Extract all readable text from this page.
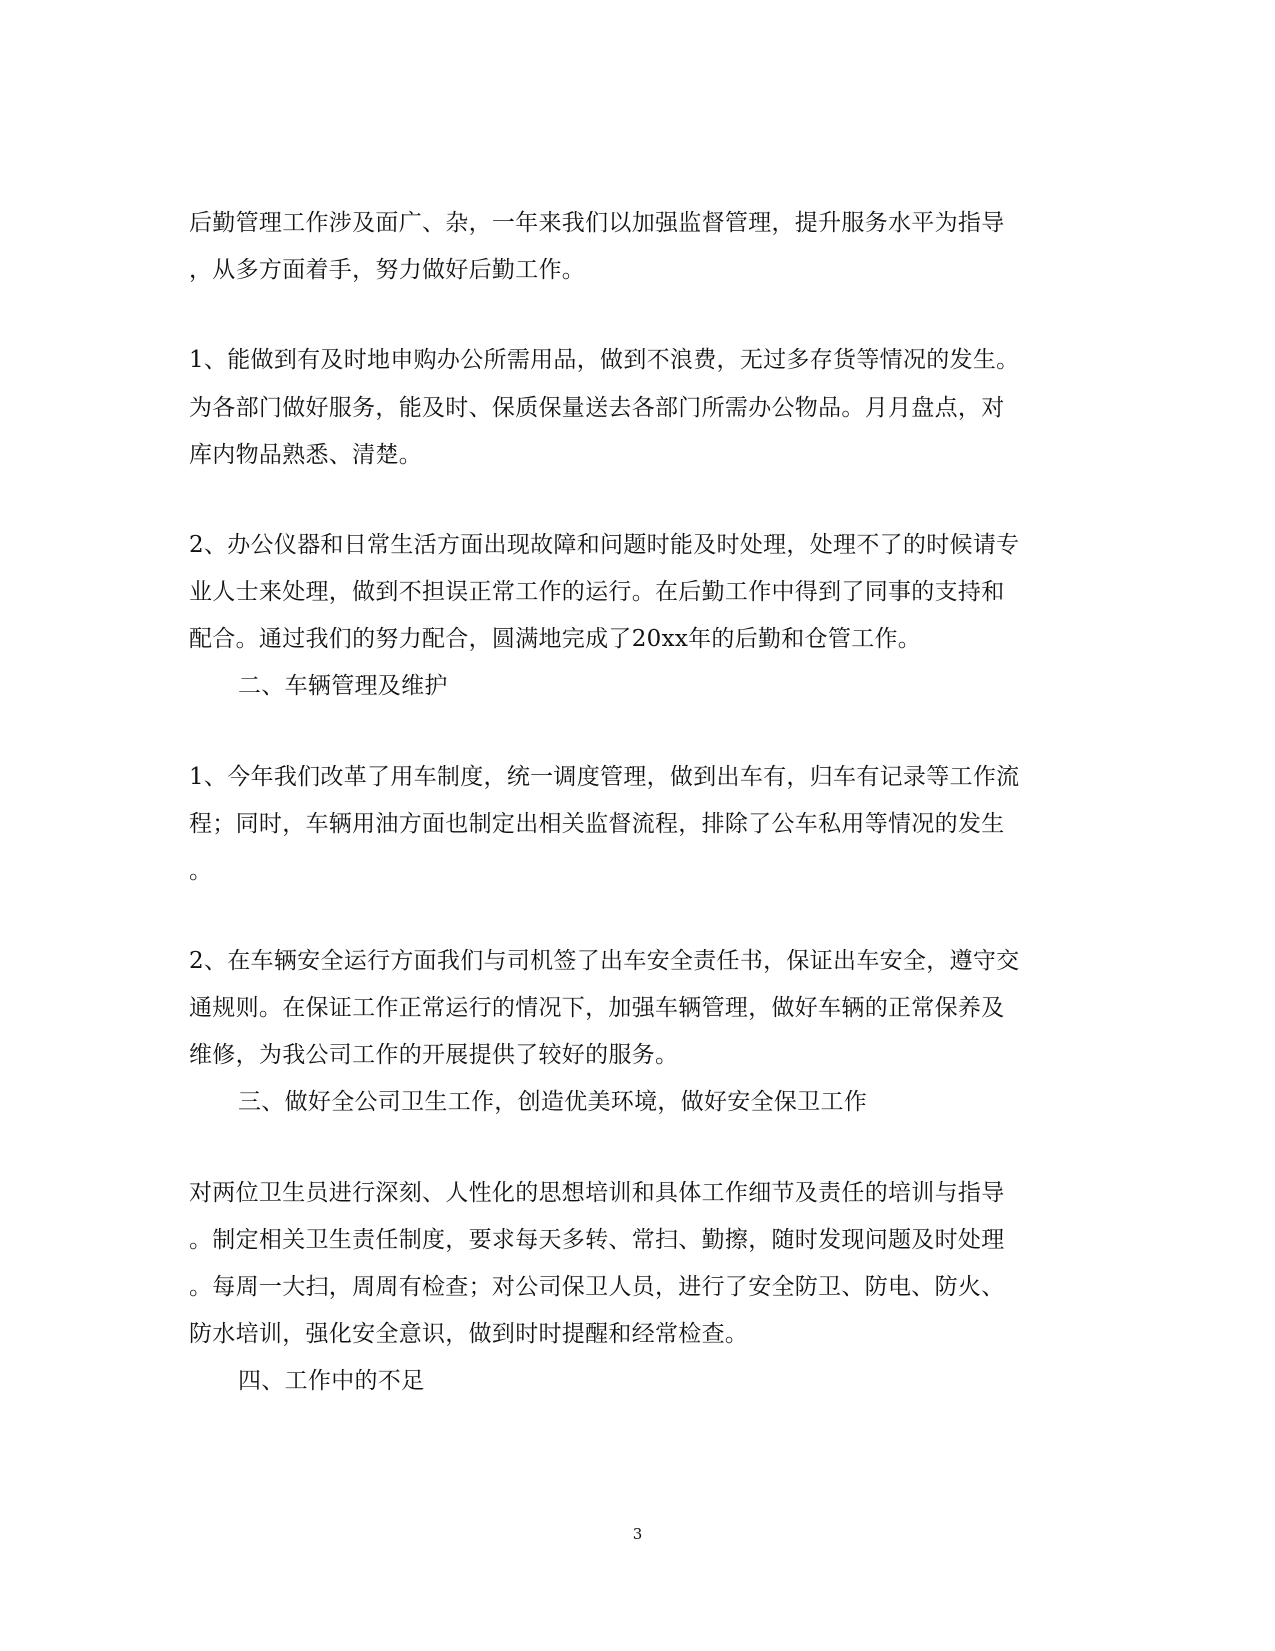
后勤管理工作涉及面广、杂，一年来我们以加强监督管理，提升服务水平为指导
，从多方面着手，努力做好后勤工作。
1、能做到有及时地申购办公所需用品，做到不浪费，无过多存货等情况的发生。
为各部门做好服务，能及时、保质保量送去各部门所需办公物品。月月盘点，对
库内物品熟悉、清楚。
2、办公仪器和日常生活方面出现故障和问题时能及时处理，处理不了的时候请专
业人士来处理，做到不担误正常工作的运行。在后勤工作中得到了同事的支持和
配合。通过我们的努力配合，圆满地完成了20xx年的后勤和仓管工作。
二、车辆管理及维护
1、今年我们改革了用车制度，统一调度管理，做到出车有，归车有记录等工作流
程；同时，车辆用油方面也制定出相关监督流程，排除了公车私用等情况的发生
。
2、在车辆安全运行方面我们与司机签了出车安全责任书，保证出车安全，遵守交
通规则。在保证工作正常运行的情况下，加强车辆管理，做好车辆的正常保养及
维修，为我公司工作的开展提供了较好的服务。
三、做好全公司卫生工作，创造优美环境，做好安全保卫工作
对两位卫生员进行深刻、人性化的思想培训和具体工作细节及责任的培训与指导
。制定相关卫生责任制度，要求每天多转、常扫、勤擦，随时发现问题及时处理
。每周一大扫，周周有检查；对公司保卫人员，进行了安全防卫、防电、防火、
防水培训，强化安全意识，做到时时提醒和经常检查。
四、工作中的不足
3
